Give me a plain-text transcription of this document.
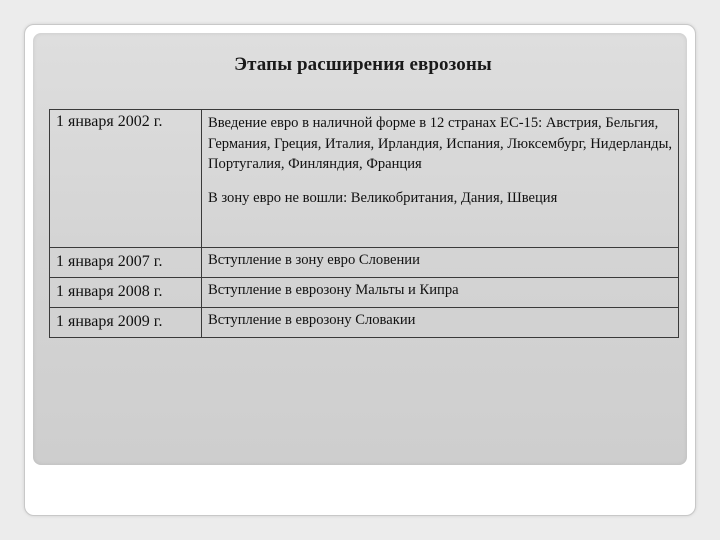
Этапы расширения еврозоны
1 января 2002 г.	Введение евро в наличной форме в 12 странах ЕС-15: Австрия, Бельгия, Германия, Греция, Италия, Ирландия, Испания, Люксембург, Нидерланды, Португалия, Финляндия, Франция
В зону евро не вошли: Великобритания, Дания, Швеция

1 января 2007 г.	Вступление в зону евро Словении
1 января 2008 г.	Вступление в еврозону Мальты и Кипра
1 января 2009 г.	Вступление в еврозону Словакии
